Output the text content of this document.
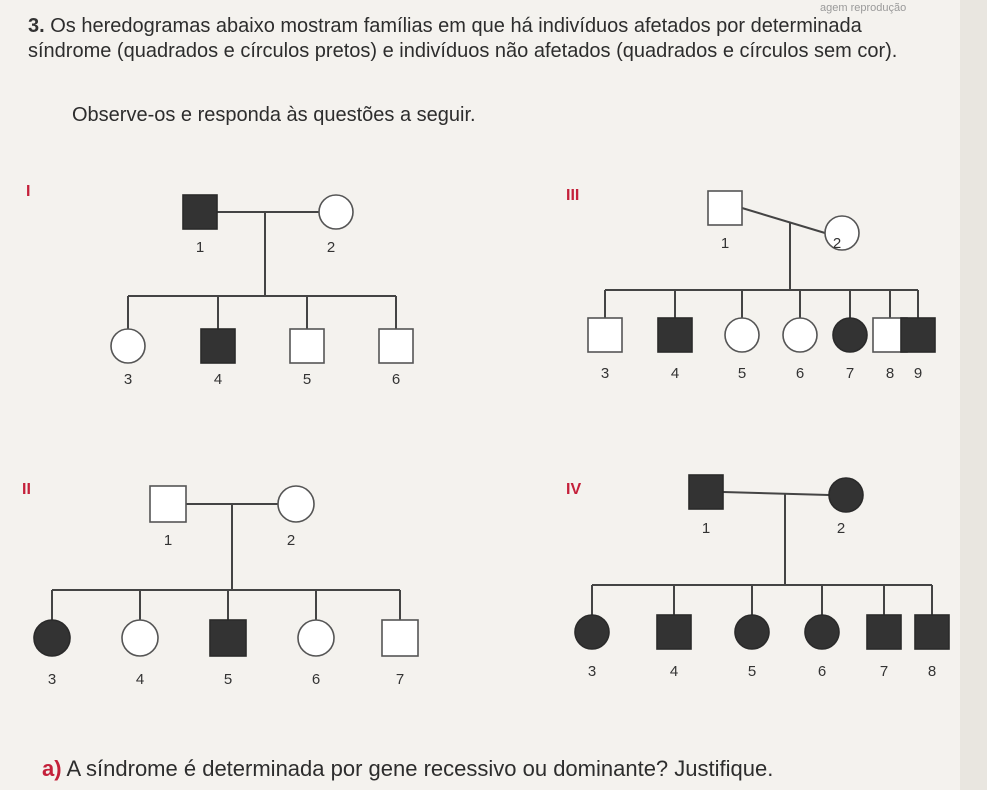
agem reprodução
3. Os heredogramas abaixo mostram famílias em que há indivíduos afetados por determinada síndrome (quadrados e círculos pretos) e indivíduos não afetados (quadrados e círculos sem cor).
Observe-os e responda às questões a seguir.
I
1	2
3	4	5	6
II
1	2
3	4	5	6	7
III
1	2
3	4	5	6	7 8 9
IV
1	2
3	4	5	6	7	8
a) A síndrome é determinada por gene recessivo ou dominante? Justifique.
